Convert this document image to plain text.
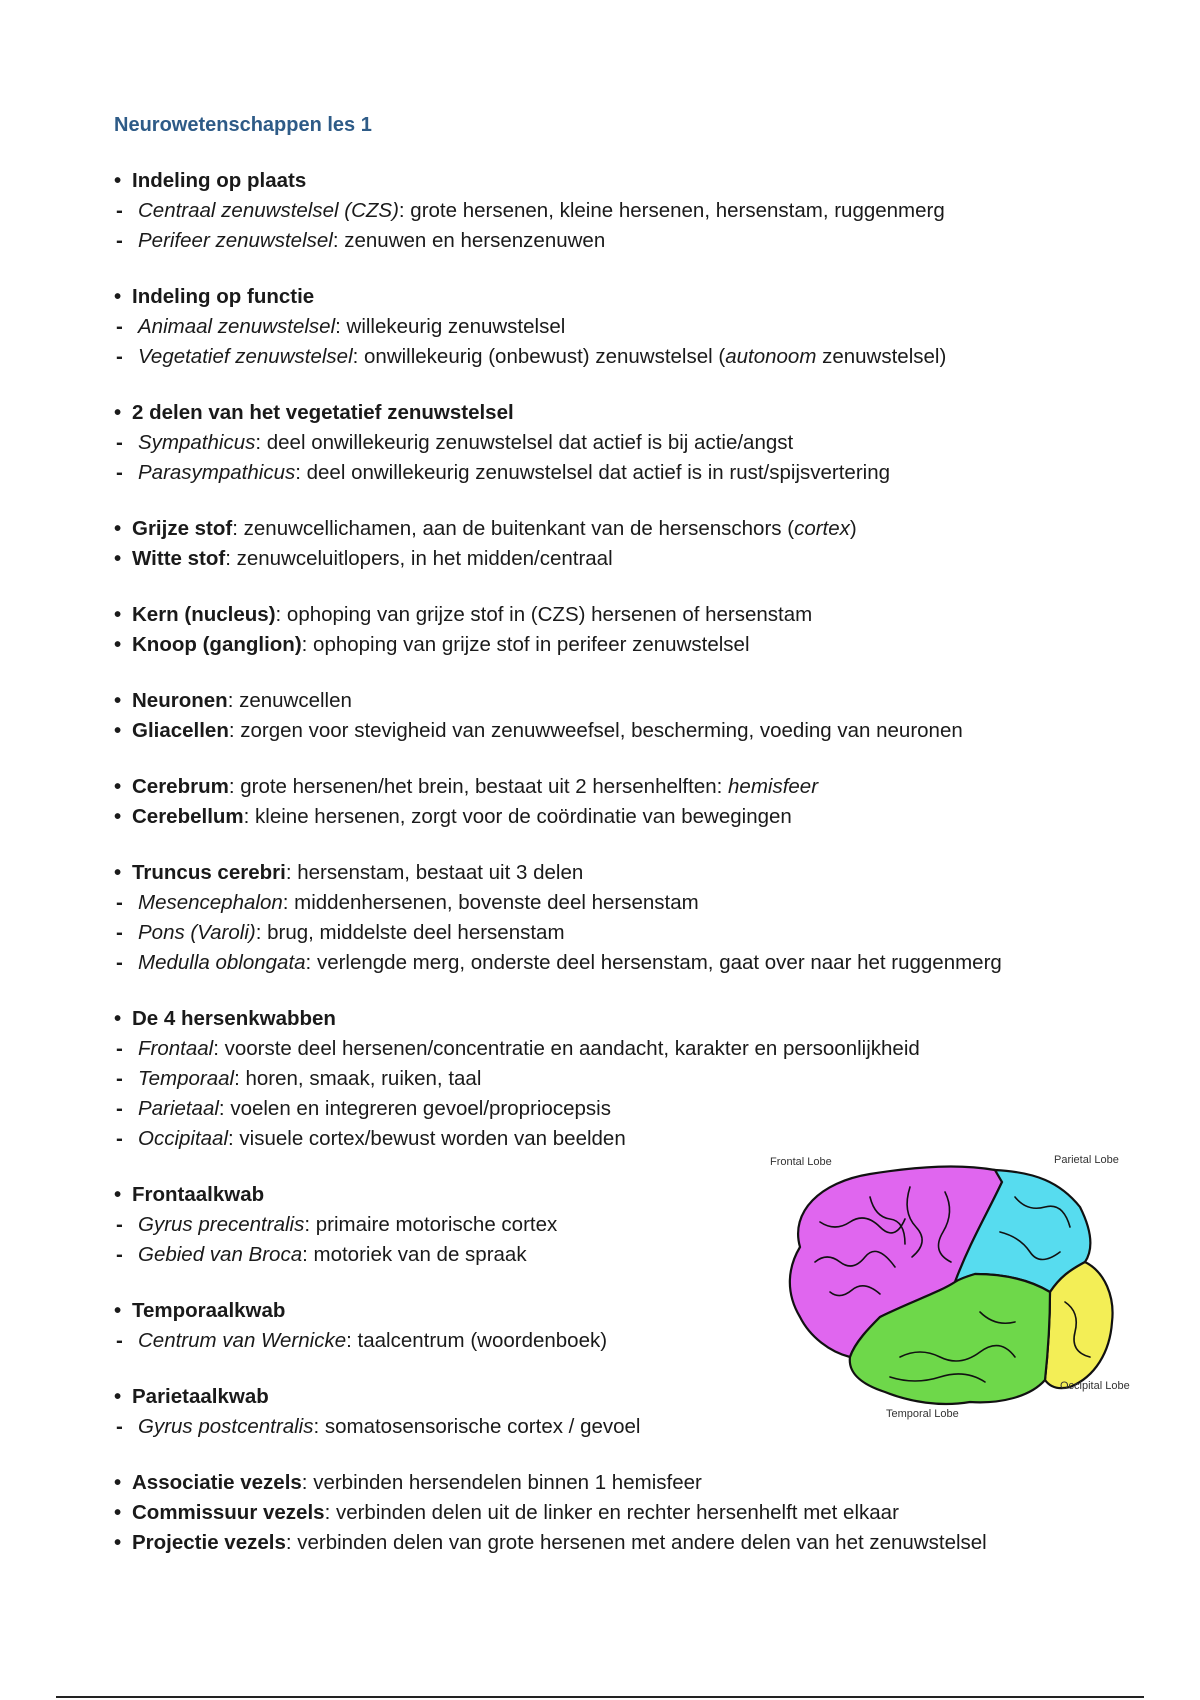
Neurowetenschappen les 1
• Indeling op plaats
- Centraal zenuwstelsel (CZS): grote hersenen, kleine hersenen, hersenstam, ruggenmerg
- Perifeer zenuwstelsel: zenuwen en hersenzenuwen
• Indeling op functie
- Animaal zenuwstelsel: willekeurig zenuwstelsel
- Vegetatief zenuwstelsel: onwillekeurig (onbewust) zenuwstelsel (autonoom zenuwstelsel)
• 2 delen van het vegetatief zenuwstelsel
- Sympathicus: deel onwillekeurig zenuwstelsel dat actief is bij actie/angst
- Parasympathicus: deel onwillekeurig zenuwstelsel dat actief is in rust/spijsvertering
• Grijze stof: zenuwcellichamen, aan de buitenkant van de hersenschors (cortex)
• Witte stof: zenuwceluitlopers, in het midden/centraal
• Kern (nucleus): ophoping van grijze stof in (CZS) hersenen of hersenstam
• Knoop (ganglion): ophoping van grijze stof in perifeer zenuwstelsel
• Neuronen: zenuwcellen
• Gliacellen: zorgen voor stevigheid van zenuwweefsel, bescherming, voeding van neuronen
• Cerebrum: grote hersenen/het brein, bestaat uit 2 hersenhelften: hemisfeer
• Cerebellum: kleine hersenen, zorgt voor de coördinatie van bewegingen
• Truncus cerebri: hersenstam, bestaat uit 3 delen
- Mesencephalon: middenhersenen, bovenste deel hersenstam
- Pons (Varoli): brug, middelste deel hersenstam
- Medulla oblongata: verlengde merg, onderste deel hersenstam, gaat over naar het ruggenmerg
• De 4 hersenkwabben
- Frontaal: voorste deel hersenen/concentratie en aandacht, karakter en persoonlijkheid
- Temporaal: horen, smaak, ruiken, taal
- Parietaal: voelen en integreren gevoel/propriocepsis
- Occipitaal: visuele cortex/bewust worden van beelden
• Frontaalkwab
- Gyrus precentralis: primaire motorische cortex
- Gebied van Broca: motoriek van de spraak
• Temporaalkwab
- Centrum van Wernicke: taalcentrum (woordenboek)
• Parietaalkwab
- Gyrus postcentralis: somatosensorische cortex / gevoel
• Associatie vezels: verbinden hersendelen binnen 1 hemisfeer
• Commissuur vezels: verbinden delen uit de linker en rechter hersenhelft met elkaar
• Projectie vezels: verbinden delen van grote hersenen met andere delen van het zenuwstelsel
Frontal Lobe	Parietal Lobe
Occipital Lobe
Temporal Lobe
